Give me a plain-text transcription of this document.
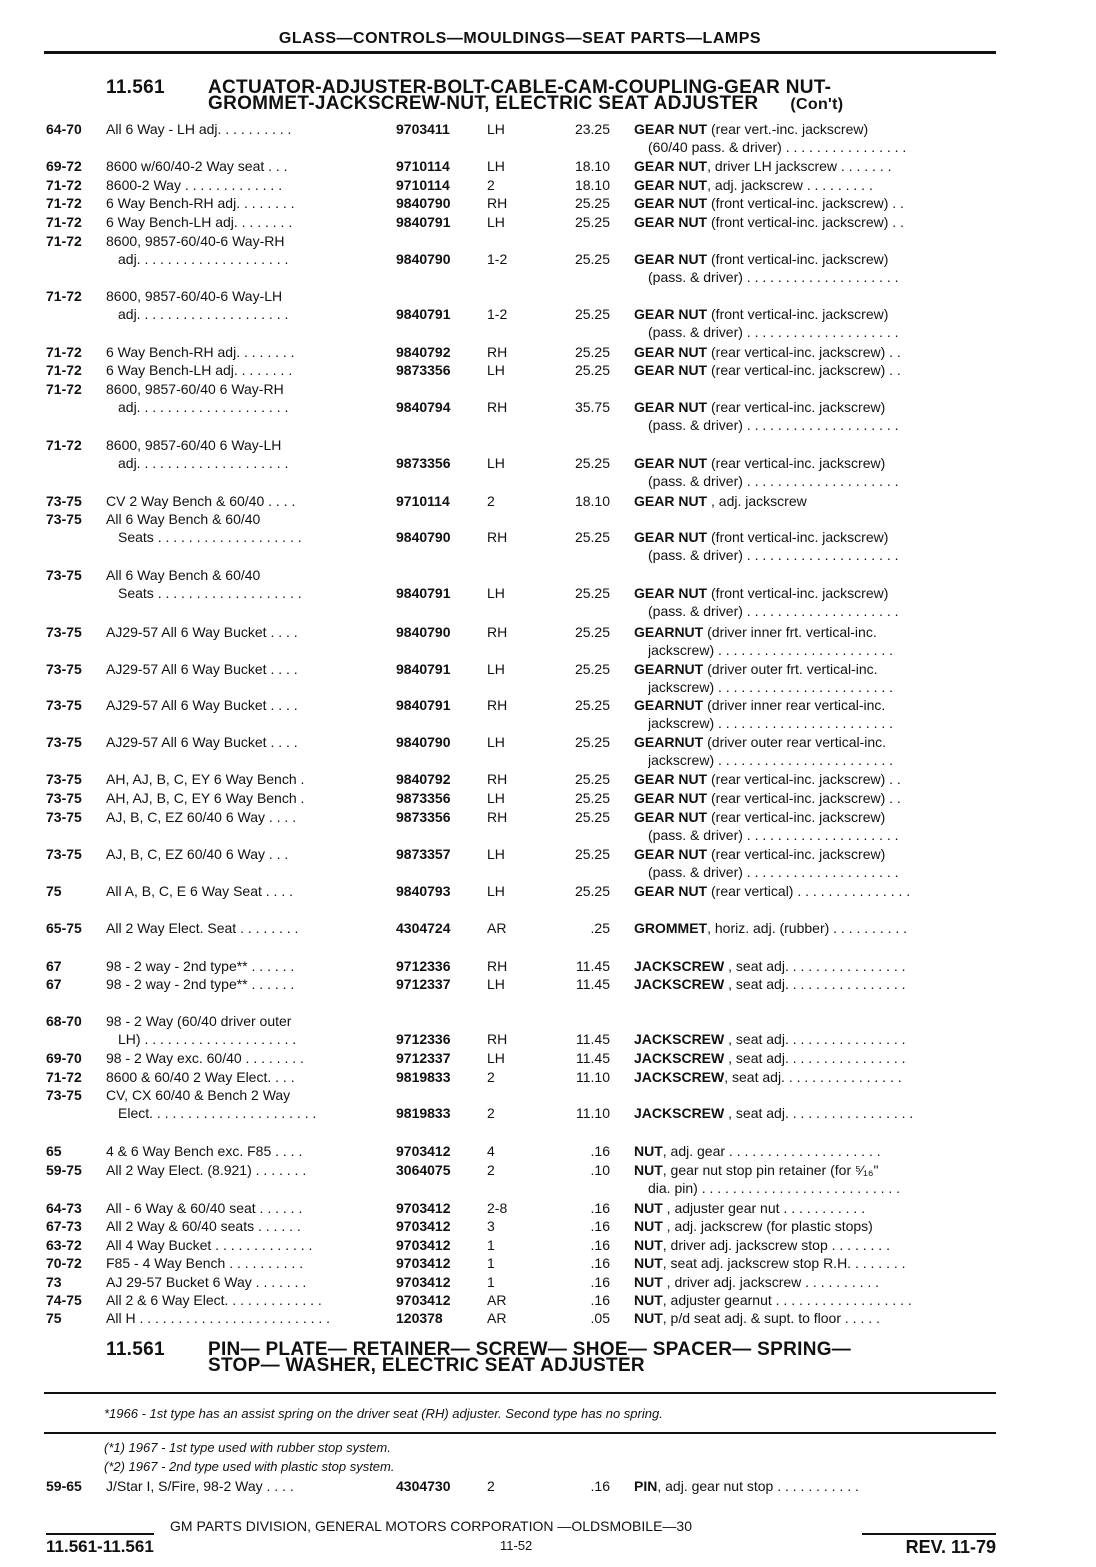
GLASS—CONTROLS—MOULDINGS—SEAT PARTS—LAMPS
11.561 ACTUATOR-ADJUSTER-BOLT-CABLE-CAM-COUPLING-GEAR NUT-
GROMMET-JACKSCREW-NUT, ELECTRIC SEAT ADJUSTER (Con't)
64-70 All 6 Way - LH adj. . . . . . . . . .	9703411	LH	23.25 GEAR NUT (rear vert.-inc. jackscrew)
(60/40 pass. & driver) . . . . . . . . . . . . . . . .
69-72 8600 w/60/40-2 Way seat . . .	9710114	LH	18.10 GEAR NUT, driver LH jackscrew . . . . . . .
71-72 8600-2 Way . . . . . . . . . . . . .	9710114	2	18.10 GEAR NUT, adj. jackscrew . . . . . . . . .
71-72 6 Way Bench-RH adj. . . . . . . .	9840790	RH	25.25 GEAR NUT (front vertical-inc. jackscrew) . .
71-72 6 Way Bench-LH adj. . . . . . . .	9840791	LH	25.25 GEAR NUT (front vertical-inc. jackscrew) . .
71-72 8600, 9857-60/40-6 Way-RH
adj. . . . . . . . . . . . . . . . . . . .	9840790	1-2	25.25 GEAR NUT (front vertical-inc. jackscrew)
(pass. & driver) . . . . . . . . . . . . . . . . . . . .
71-72 8600, 9857-60/40-6 Way-LH
adj. . . . . . . . . . . . . . . . . . . .	9840791	1-2	25.25 GEAR NUT (front vertical-inc. jackscrew)
(pass. & driver) . . . . . . . . . . . . . . . . . . . .
71-72 6 Way Bench-RH adj. . . . . . . .	9840792	RH	25.25 GEAR NUT (rear vertical-inc. jackscrew) . .
71-72 6 Way Bench-LH adj. . . . . . . .	9873356	LH	25.25 GEAR NUT (rear vertical-inc. jackscrew) . .
71-72 8600, 9857-60/40 6 Way-RH
adj. . . . . . . . . . . . . . . . . . . .	9840794	RH	35.75 GEAR NUT (rear vertical-inc. jackscrew)
(pass. & driver) . . . . . . . . . . . . . . . . . . . .
71-72 8600, 9857-60/40 6 Way-LH
adj. . . . . . . . . . . . . . . . . . . .	9873356	LH	25.25 GEAR NUT (rear vertical-inc. jackscrew)
(pass. & driver) . . . . . . . . . . . . . . . . . . . .
73-75 CV 2 Way Bench & 60/40 . . . .	9710114	2	18.10 GEAR NUT , adj. jackscrew
73-75 All 6 Way Bench & 60/40
Seats . . . . . . . . . . . . . . . . . . .	9840790	RH	25.25 GEAR NUT (front vertical-inc. jackscrew)
(pass. & driver) . . . . . . . . . . . . . . . . . . . .
73-75 All 6 Way Bench & 60/40
Seats . . . . . . . . . . . . . . . . . . .	9840791	LH	25.25 GEAR NUT (front vertical-inc. jackscrew)
(pass. & driver) . . . . . . . . . . . . . . . . . . . .
73-75 AJ29-57 All 6 Way Bucket . . . .	9840790	RH	25.25 GEARNUT (driver inner frt. vertical-inc.
jackscrew) . . . . . . . . . . . . . . . . . . . . . . .
73-75 AJ29-57 All 6 Way Bucket . . . .	9840791	LH	25.25 GEARNUT (driver outer frt. vertical-inc.
jackscrew) . . . . . . . . . . . . . . . . . . . . . . .
73-75 AJ29-57 All 6 Way Bucket . . . .	9840791	RH	25.25 GEARNUT (driver inner rear vertical-inc.
jackscrew) . . . . . . . . . . . . . . . . . . . . . . .
73-75 AJ29-57 All 6 Way Bucket . . . .	9840790	LH	25.25 GEARNUT (driver outer rear vertical-inc.
jackscrew) . . . . . . . . . . . . . . . . . . . . . . .
73-75 AH, AJ, B, C, EY 6 Way Bench .	9840792	RH	25.25 GEAR NUT (rear vertical-inc. jackscrew) . .
73-75 AH, AJ, B, C, EY 6 Way Bench .	9873356	LH	25.25 GEAR NUT (rear vertical-inc. jackscrew) . .
73-75 AJ, B, C, EZ 60/40 6 Way . . . .	9873356	RH	25.25 GEAR NUT (rear vertical-inc. jackscrew)
(pass. & driver) . . . . . . . . . . . . . . . . . . . .
73-75 AJ, B, C, EZ 60/40 6 Way . . .	9873357	LH	25.25 GEAR NUT (rear vertical-inc. jackscrew)
(pass. & driver) . . . . . . . . . . . . . . . . . . . .
75	All A, B, C, E 6 Way Seat . . . .	9840793	LH	25.25 GEAR NUT (rear vertical) . . . . . . . . . . . . . . .
65-75 All 2 Way Elect. Seat . . . . . . . .	4304724	AR	.25 GROMMET, horiz. adj. (rubber) . . . . . . . . . .
67	98 - 2 way - 2nd type** . . . . . .	9712336	RH	11.45 JACKSCREW , seat adj. . . . . . . . . . . . . . . .
67	98 - 2 way - 2nd type** . . . . . .	9712337	LH	11.45 JACKSCREW , seat adj. . . . . . . . . . . . . . . .
68-70 98 - 2 Way (60/40 driver outer
LH) . . . . . . . . . . . . . . . . . . . .	9712336	RH	11.45 JACKSCREW , seat adj. . . . . . . . . . . . . . . .
69-70 98 - 2 Way exc. 60/40 . . . . . . . .	9712337	LH	11.45 JACKSCREW , seat adj. . . . . . . . . . . . . . . .
71-72 8600 & 60/40 2 Way Elect. . . .	9819833	2	11.10 JACKSCREW, seat adj. . . . . . . . . . . . . . . .
73-75 CV, CX 60/40 & Bench 2 Way
Elect. . . . . . . . . . . . . . . . . . . . . .	9819833	2	11.10 JACKSCREW , seat adj. . . . . . . . . . . . . . . . .
65	4 & 6 Way Bench exc. F85 . . . .	9703412	4	.16 NUT, adj. gear . . . . . . . . . . . . . . . . . . . .
59-75 All 2 Way Elect. (8.921) . . . . . . .	3064075	2	.10 NUT, gear nut stop pin retainer (for ⁵⁄₁₆"
dia. pin) . . . . . . . . . . . . . . . . . . . . . . . . . .
64-73 All - 6 Way & 60/40 seat . . . . . .	9703412	2-8	.16 NUT , adjuster gear nut . . . . . . . . . . .
67-73 All 2 Way & 60/40 seats . . . . . .	9703412	3	.16 NUT , adj. jackscrew (for plastic stops)
63-72 All 4 Way Bucket . . . . . . . . . . . . .	9703412	1	.16 NUT, driver adj. jackscrew stop . . . . . . . .
70-72 F85 - 4 Way Bench . . . . . . . . . .	9703412	1	.16 NUT, seat adj. jackscrew stop R.H. . . . . . . .
73	AJ 29-57 Bucket 6 Way . . . . . . .	9703412	1	.16 NUT , driver adj. jackscrew . . . . . . . . . .
74-75 All 2 & 6 Way Elect. . . . . . . . . . . . .	9703412	AR	.16 NUT, adjuster gearnut . . . . . . . . . . . . . . . . . .
75	All H . . . . . . . . . . . . . . . . . . . . . . . . .	120378	AR	.05 NUT, p/d seat adj. & supt. to floor . . . . .
11.561 PIN— PLATE— RETAINER— SCREW— SHOE— SPACER— SPRING—
STOP— WASHER, ELECTRIC SEAT ADJUSTER
*1966 - 1st type has an assist spring on the driver seat (RH) adjuster. Second type has no spring.
(*1) 1967 - 1st type used with rubber stop system.
(*2) 1967 - 2nd type used with plastic stop system.
59-65 J/Star I, S/Fire, 98-2 Way . . . .	4304730	2	.16 PIN, adj. gear nut stop . . . . . . . . . . .
GM PARTS DIVISION, GENERAL MOTORS CORPORATION —OLDSMOBILE—30
11.561-11.561	11-52	REV. 11-79
